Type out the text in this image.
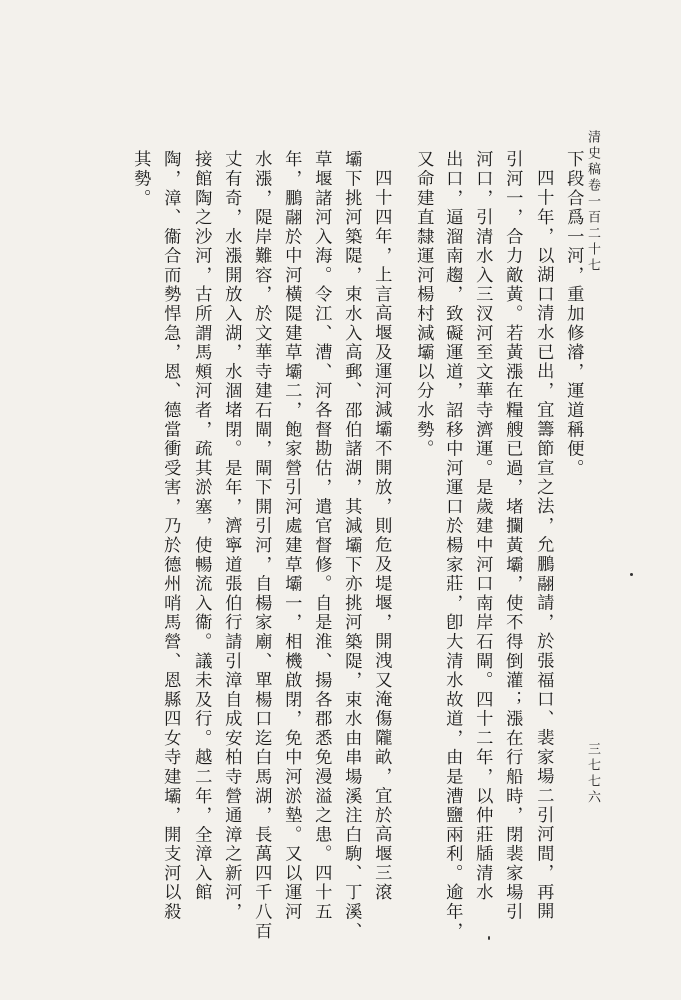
清史稿卷一百二十七
三七七六
下段合爲一河，重加修濬，運道稱便。
四十年，以湖口清水已出，宜籌節宣之法，允鵬翮請，於張福口、裴家場二引河間，再開
引河一，合力敵黃。若黃漲在糧艘已過，堵攔黃壩，使不得倒灌；漲在行船時，閉裴家場引
河口，引清水入三汊河至文華寺濟運。是歲建中河口南岸石閘。四十二年，以仲莊牐清水
出口，逼溜南趨，致礙運道，詔移中河運口於楊家莊，卽大清水故道，由是漕鹽兩利。逾年，
又命建直隸運河楊村減壩以分水勢。
四十四年，上言高堰及運河減壩不開放，則危及堤堰，開洩又淹傷隴畝，宜於高堰三滾
壩下挑河築隄，束水入高郵、邵伯諸湖，其減壩下亦挑河築隄，束水由串場溪注白駒、丁溪、
草堰諸河入海。令江、漕、河各督勘估，遣官督修。自是淮、揚各郡悉免漫溢之患。四十五
年，鵬翮於中河橫隄建草壩二，飽家營引河處建草壩一，相機啟閉，免中河淤墊。又以運河
水漲，隄岸難容，於文華寺建石閘，閘下開引河，自楊家廟、單楊口迄白馬湖，長萬四千八百
丈有奇，水漲開放入湖，水涸堵閉。是年，濟寧道張伯行請引漳自成安柏寺營通漳之新河，
接館陶之沙河，古所謂馬頰河者，疏其淤塞，使暢流入衞。議未及行。越二年，全漳入館
陶，漳、衞合而勢悍急，恩、德當衝受害，乃於德州哨馬營、恩縣四女寺建壩，開支河以殺
其勢。
